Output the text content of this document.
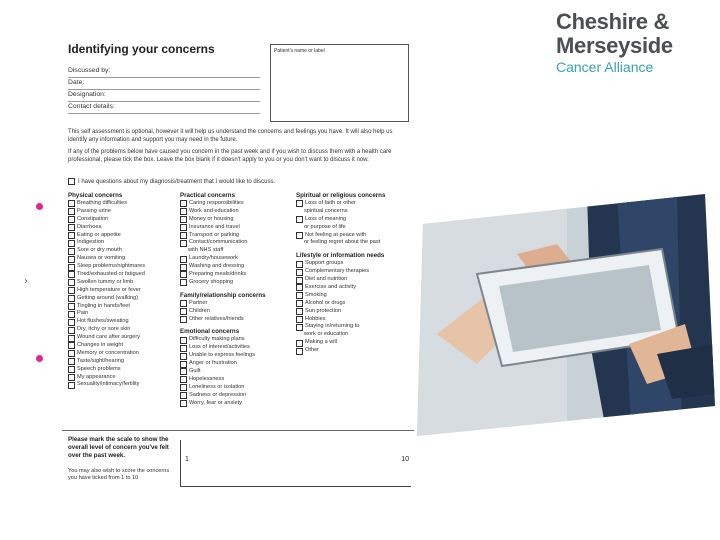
›
Identifying your concerns
Discussed by:
Date:
Designation:
Contact details:
Patient's name or label

This self assessment is optional, however it will help us understand the concerns and feelings you have. It will also help us identify any information and support you may need in the future.

If any of the problems below have caused you concern in the past week and if you wish to discuss them with a health care professional, please tick the box. Leave the box blank if it doesn't apply to you or you don't want to discuss it now.

I have questions about my diagnosis/treatment that I would like to discuss.
Physical concerns
Breathing difficulties
Passing urine
Constipation
Diarrhoea
Eating or appetite
Indigestion
Sore or dry mouth
Nausea or vomiting
Sleep problems/nightmares
Tired/exhausted or fatigued
Swollen tummy or limb
High temperature or fever
Getting around (walking)
Tingling in hands/feet
Pain
Hot flushes/sweating
Dry, itchy or sore skin
Wound care after surgery
Changes in weight
Memory or concentration
Taste/sight/hearing
Speech problems
My appearance
Sexuality/intimacy/fertility
Practical concerns
Caring responsibilities
Work and education
Money or housing
Insurance and travel
Transport or parking
Contact/communication
with NHS staff
Laundry/housework
Washing and dressing
Preparing meals/drinks
Grocery shopping
Family/relationship concerns
Partner
Children
Other relatives/friends
Emotional concerns
Difficulty making plans
Loss of interest/activities
Unable to express feelings
Anger or frustration
Guilt
Hopelessness
Loneliness or isolation
Sadness or depression
Worry, fear or anxiety
Spiritual or religious concerns
Loss of faith or other
spiritual concerns
Loss of meaning
or purpose of life
Not feeling at peace with
or feeling regret about the past
Lifestyle or information needs
Support groups
Complementary therapies
Diet and nutrition
Exercise and activity
Smoking
Alcohol or drugs
Sun protection
Hobbies
Staying in/returning to
work or education
Making a will
Other

Please mark the scale to show the overall level of concern you've felt over the past week.

You may also wish to score the concerns you have ticked from 1 to 10

1	10
Cheshire &
Merseyside
Cancer Alliance
